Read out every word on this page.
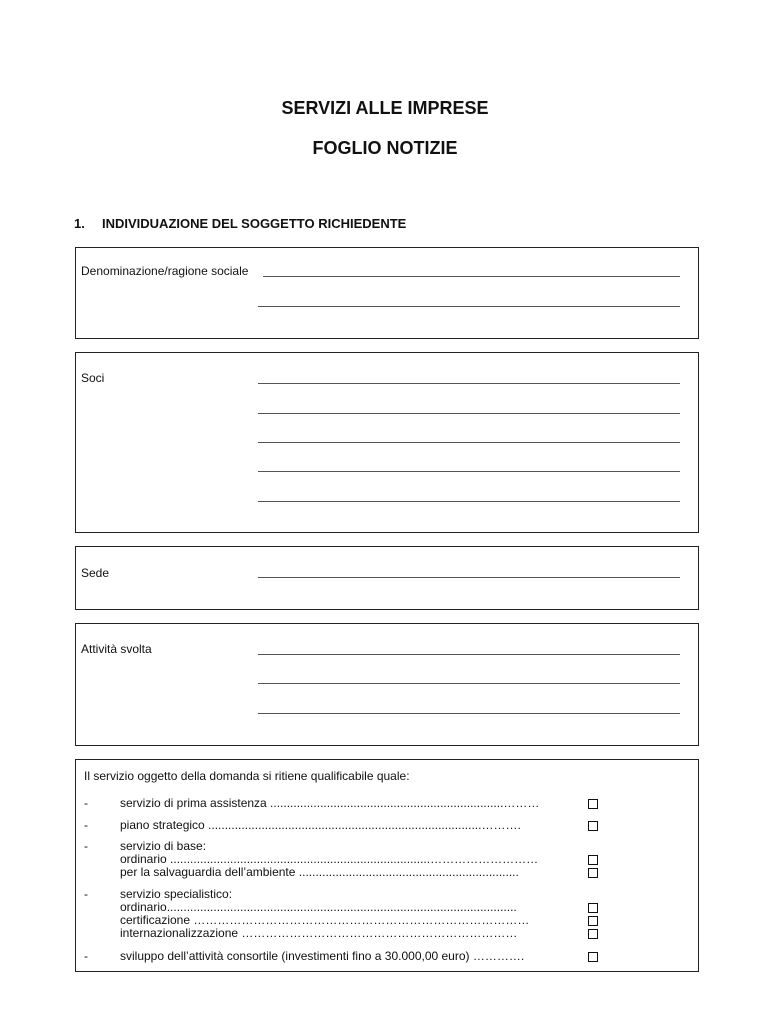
SERVIZI ALLE IMPRESE
FOGLIO NOTIZIE
1. INDIVIDUAZIONE DEL SOGGETTO RICHIEDENTE
Denominazione/ragione sociale
Soci
Sede
Attività svolta
Il servizio oggetto della domanda si ritiene qualificabile quale:
-	servizio di prima assistenza ......................................................................………
-	piano strategico ..................................................................................……….
-	servizio di base:
ordinario ..............................................................................………………………
per la salvaguardia dell’ambiente ..................................................................
-	servizio specialistico:
ordinario.........................................................................................................
certificazione …………………………………………………………………………
internazionalizzazione ……………………………………………………………
-	sviluppo dell’attività consortile (investimenti fino a 30.000,00 euro) ………….
